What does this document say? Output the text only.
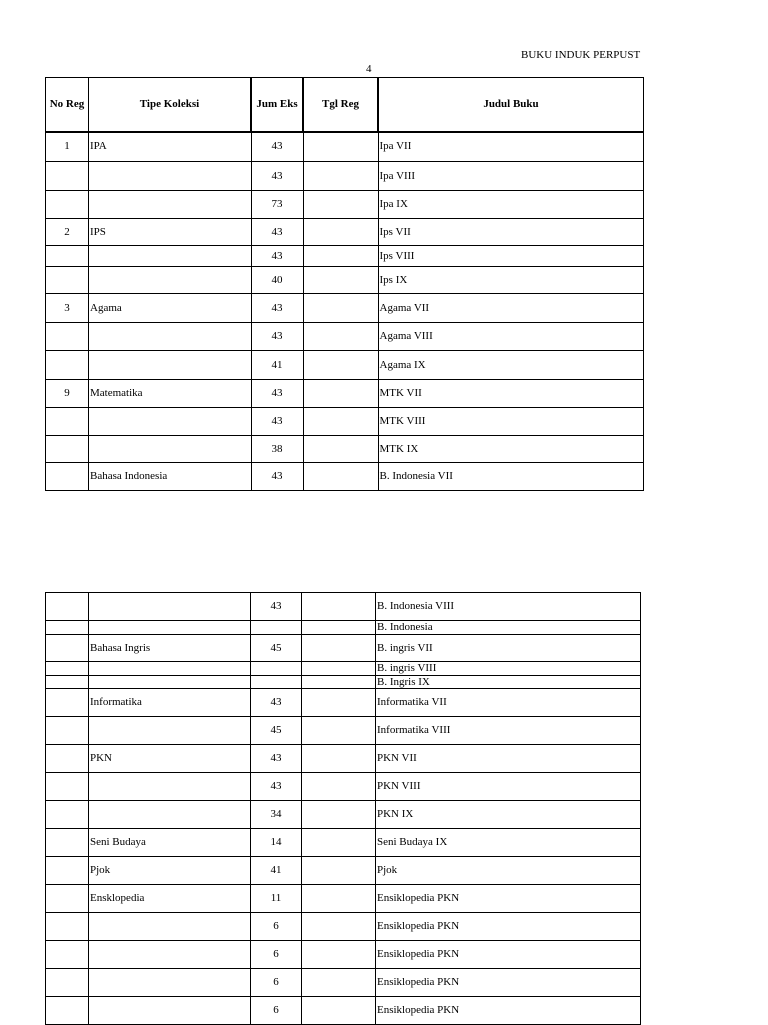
BUKU INDUK PERPUST
4
No Reg	Tipe Koleksi	Jum Eks	Tgl Reg	Judul Buku
1	IPA	43		Ipa VII
		43		Ipa VIII
		73		Ipa IX
2	IPS	43		Ips VII
		43		Ips VIII
		40		Ips IX
3	Agama	43		Agama VII
		43		Agama VIII
		41		Agama IX
9	Matematika	43		MTK VII
		43		MTK VIII
		38		MTK IX
	Bahasa Indonesia	43		B. Indonesia VII
		43		B. Indonesia VIII
				B. Indonesia
	Bahasa Ingris	45		B. ingris VII
				B. ingris VIII
				B. Ingris IX
	Informatika	43		Informatika VII
		45		Informatika VIII
	PKN	43		PKN VII
		43		PKN VIII
		34		PKN IX
	Seni Budaya	14		Seni Budaya IX
	Pjok	41		Pjok
	Ensklopedia	11		Ensiklopedia PKN
		6		Ensiklopedia PKN
		6		Ensiklopedia PKN
		6		Ensiklopedia PKN
		6		Ensiklopedia PKN
